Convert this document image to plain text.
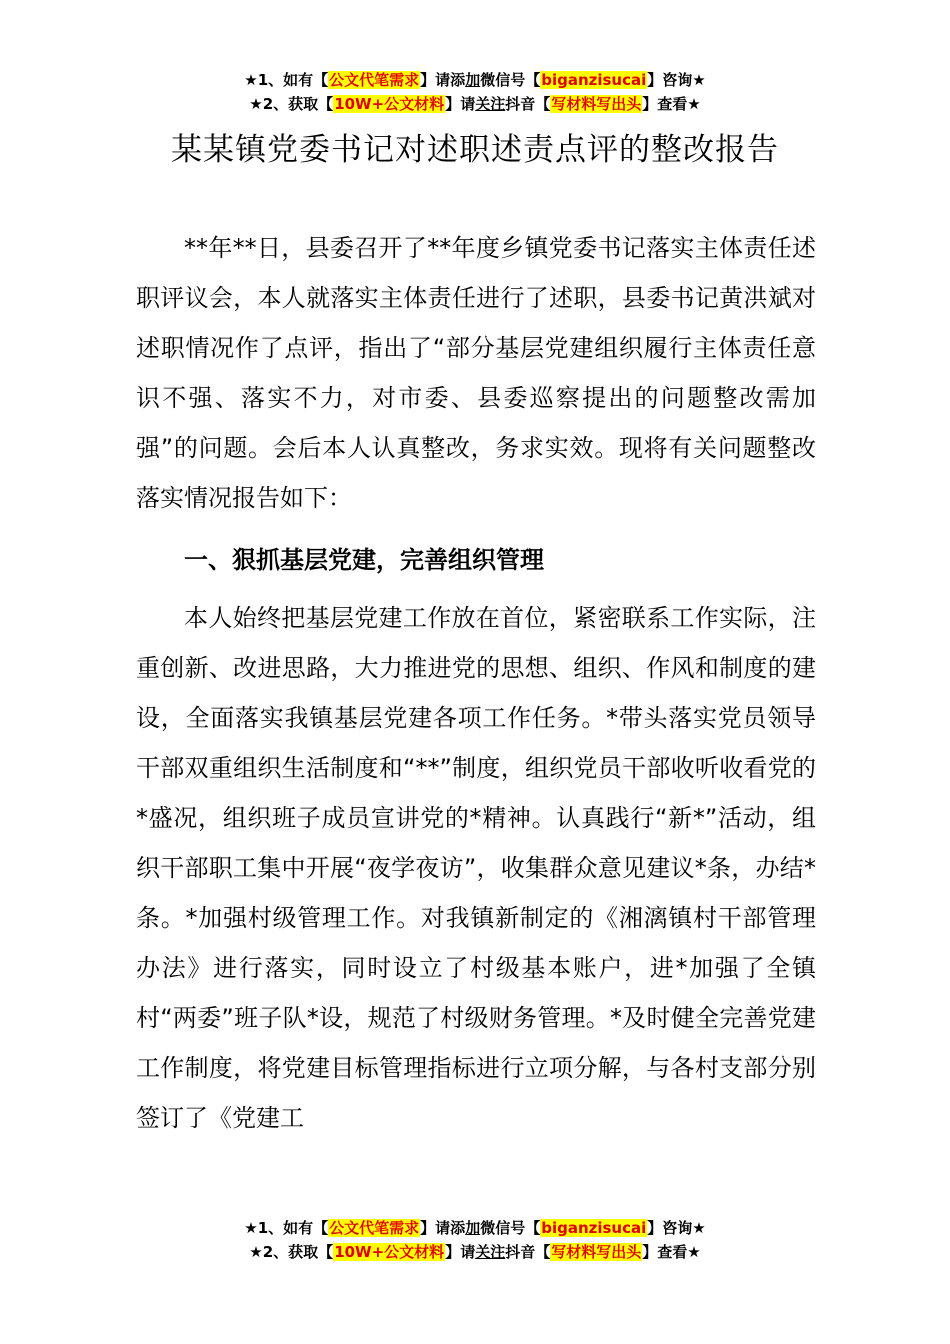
★1、如有【公文代笔需求】请添加微信号【biganzisucai】咨询★
★2、获取【10W+公文材料】请关注抖音【写材料写出头】查看★
某某镇党委书记对述职述责点评的整改报告

**年**日，县委召开了**年度乡镇党委书记落实主体责任述职评议会，本人就落实主体责任进行了述职，县委书记黄洪斌对述职情况作了点评，指出了“部分基层党建组织履行主体责任意识不强、落实不力，对市委、县委巡察提出的问题整改需加强”的问题。会后本人认真整改，务求实效。现将有关问题整改落实情况报告如下：

一、狠抓基层党建，完善组织管理

本人始终把基层党建工作放在首位，紧密联系工作实际，注重创新、改进思路，大力推进党的思想、组织、作风和制度的建设，全面落实我镇基层党建各项工作任务。*带头落实党员领导干部双重组织生活制度和“**”制度，组织党员干部收听收看党的*盛况，组织班子成员宣讲党的*精神。认真践行“新*”活动，组织干部职工集中开展“夜学夜访”，收集群众意见建议*条，办结*条。*加强村级管理工作。对我镇新制定的《湘漓镇村干部管理办法》进行落实，同时设立了村级基本账户，进*加强了全镇村“两委”班子队*设，规范了村级财务管理。*及时健全完善党建工作制度，将党建目标管理指标进行立项分解，与各村支部分别签订了《党建工

★1、如有【公文代笔需求】请添加微信号【biganzisucai】咨询★
★2、获取【10W+公文材料】请关注抖音【写材料写出头】查看★
